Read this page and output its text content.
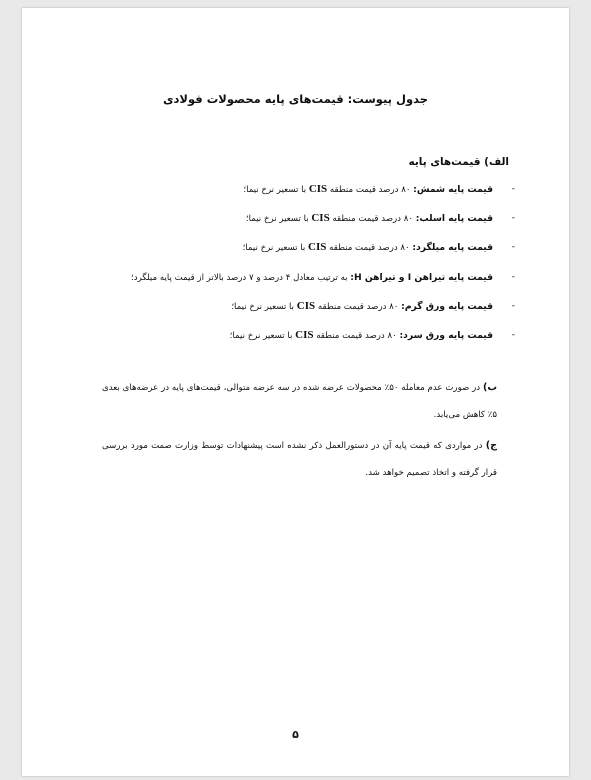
جدول پیوست: قیمت‌های پایه محصولات فولادی
الف) قیمت‌های پایه
-
قیمت پایه شمش: ۸۰ درصد قیمت منطقه CIS با تسعیر نرخ نیما؛
-
قیمت پایه اسلب: ۸۰ درصد قیمت منطقه CIS با تسعیر نرخ نیما؛
-
قیمت پایه میلگرد: ۸۰ درصد قیمت منطقه CIS با تسعیر نرخ نیما؛
-
قیمت پایه تیراهن I و تیراهن H: به ترتیب معادل ۴ درصد و ۷ درصد بالاتر از قیمت پایه میلگرد؛
-
قیمت پایه ورق گرم: ۸۰ درصد قیمت منطقه CIS با تسعیر نرخ نیما؛
-
قیمت پایه ورق سرد: ۸۰ درصد قیمت منطقه CIS با تسعیر نرخ نیما؛
ب) در صورت عدم معامله ۵۰٪ محصولات عرضه شده در سه عرضه متوالی، قیمت‌های پایه در عرضه‌های بعدی ۵٪ کاهش می‌یابد.
ج) در مواردی که قیمت پایه آن در دستورالعمل ذکر نشده است پیشنهادات توسط وزارت صمت مورد بررسی قرار گرفته و اتخاذ تصمیم خواهد شد.
۵
